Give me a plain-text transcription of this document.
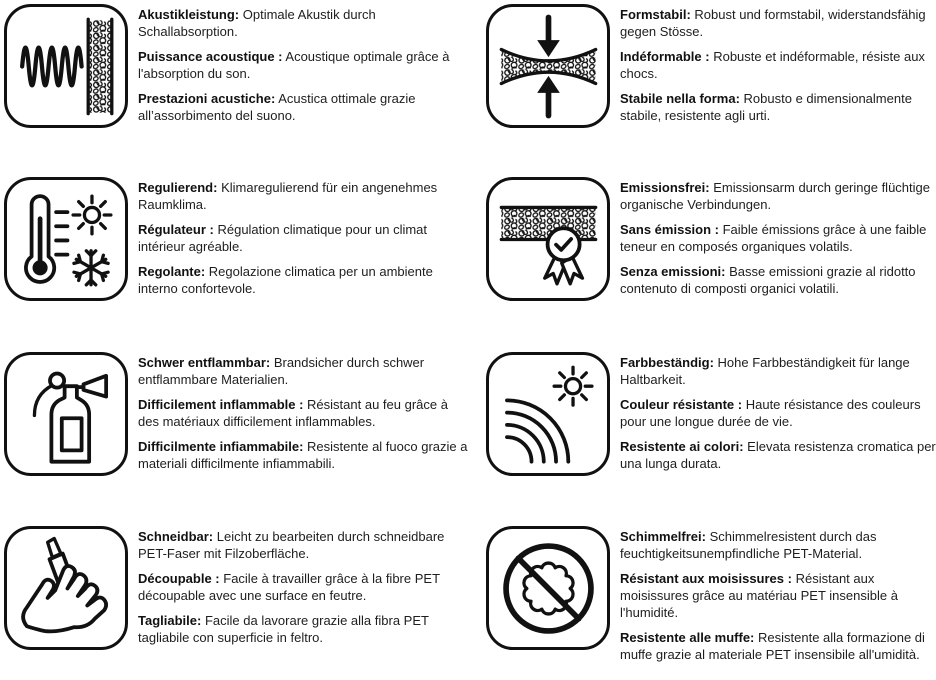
Akustikleistung: Optimale Akustik durch Schallabsorption.

Puissance acoustique : Acoustique optimale grâce à l'absorption du son.

Prestazioni acustiche: Acustica ottimale grazie all’assorbimento del suono.

Formstabil: Robust und formstabil, widerstandsfähig gegen Stösse.

Indéformable : Robuste et indéformable, résiste aux chocs.

Stabile nella forma: Robusto e dimensionalmente stabile, resistente agli urti.

Regulierend: Klimaregulierend für ein angenehmes Raumklima.

Régulateur : Régulation climatique pour un climat intérieur agréable.

Regolante: Regolazione climatica per un ambiente interno confortevole.

Emissionsfrei: Emissionsarm durch geringe flüchtige organische Verbindungen.

Sans émission : Faible émissions grâce à une faible teneur en composés organiques volatils.

Senza emissioni: Basse emissioni grazie al ridotto contenuto di composti organici volatili.

Schwer entflammbar: Brandsicher durch schwer entflammbare Materialien.

Difficilement inflammable : Résistant au feu grâce à des matériaux difficilement inflammables.

Difficilmente infiammabile: Resistente al fuoco grazie a materiali difficilmente infiammabili.

Farbbeständig: Hohe Farbbeständigkeit für lange Haltbarkeit.

Couleur résistante : Haute résistance des couleurs pour une longue durée de vie.

Resistente ai colori: Elevata resistenza cromatica per una lunga durata.

Schneidbar: Leicht zu bearbeiten durch schneidbare PET-Faser mit Filzoberfläche.

Découpable : Facile à travailler grâce à la fibre PET découpable avec une surface en feutre.

Tagliabile: Facile da lavorare grazie alla fibra PET tagliabile con superficie in feltro.

Schimmelfrei: Schimmelresistent durch das feuchtigkeitsunempfindliche PET-Material.

Résistant aux moisissures : Résistant aux moisissures grâce au matériau PET insensible à l'humidité.

Resistente alle muffe: Resistente alla formazione di muffe grazie al materiale PET insensibile all'umidità.
